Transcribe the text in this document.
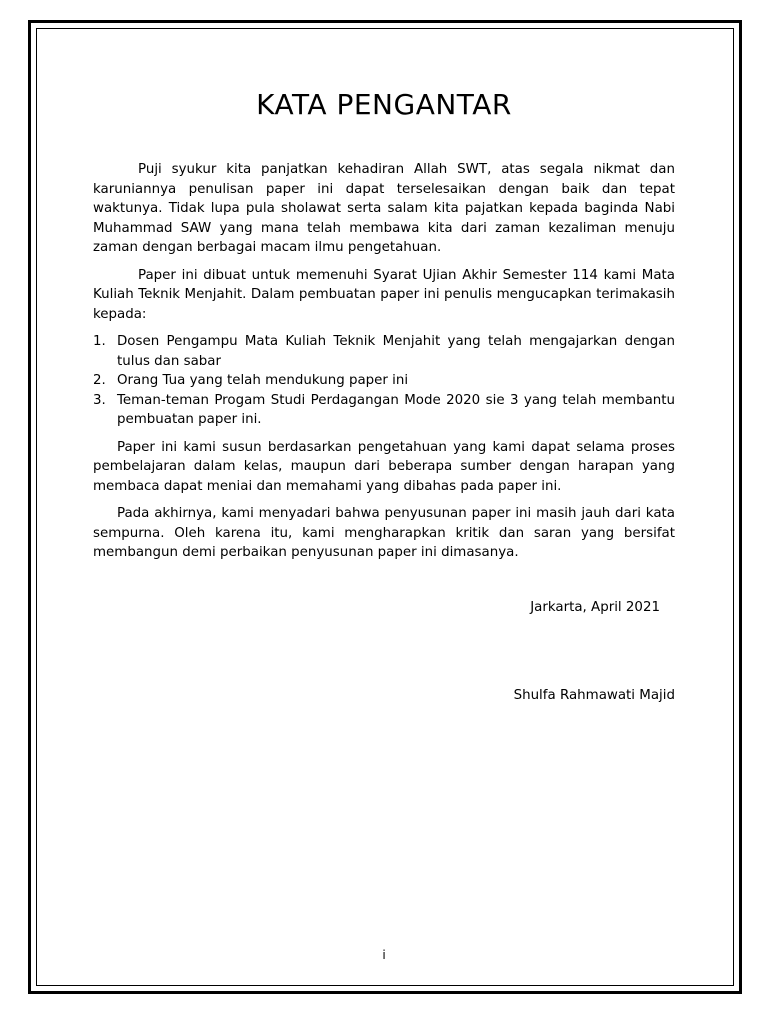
KATA PENGANTAR

Puji syukur kita panjatkan kehadiran Allah SWT, atas segala nikmat dan karuniannya penulisan paper ini dapat terselesaikan dengan baik dan tepat waktunya. Tidak lupa pula sholawat serta salam kita pajatkan kepada baginda Nabi Muhammad SAW yang mana telah membawa kita dari zaman kezaliman menuju zaman dengan berbagai macam ilmu pengetahuan.

Paper ini dibuat untuk memenuhi Syarat Ujian Akhir Semester 114 kami Mata Kuliah Teknik Menjahit. Dalam pembuatan paper ini penulis mengucapkan terimakasih kepada:

1. Dosen Pengampu Mata Kuliah Teknik Menjahit yang telah mengajarkan dengan tulus dan sabar
2. Orang Tua yang telah mendukung paper ini
3. Teman-teman Progam Studi Perdagangan Mode 2020 sie 3 yang telah membantu pembuatan paper ini.

Paper ini kami susun berdasarkan pengetahuan yang kami dapat selama proses pembelajaran dalam kelas, maupun dari beberapa sumber dengan harapan yang membaca dapat meniai dan memahami yang dibahas pada paper ini.

Pada akhirnya, kami menyadari bahwa penyusunan paper ini masih jauh dari kata sempurna. Oleh karena itu, kami mengharapkan kritik dan saran yang bersifat membangun demi perbaikan penyusunan paper ini dimasanya.

Jarkarta, April 2021
Shulfa Rahmawati Majid
i
